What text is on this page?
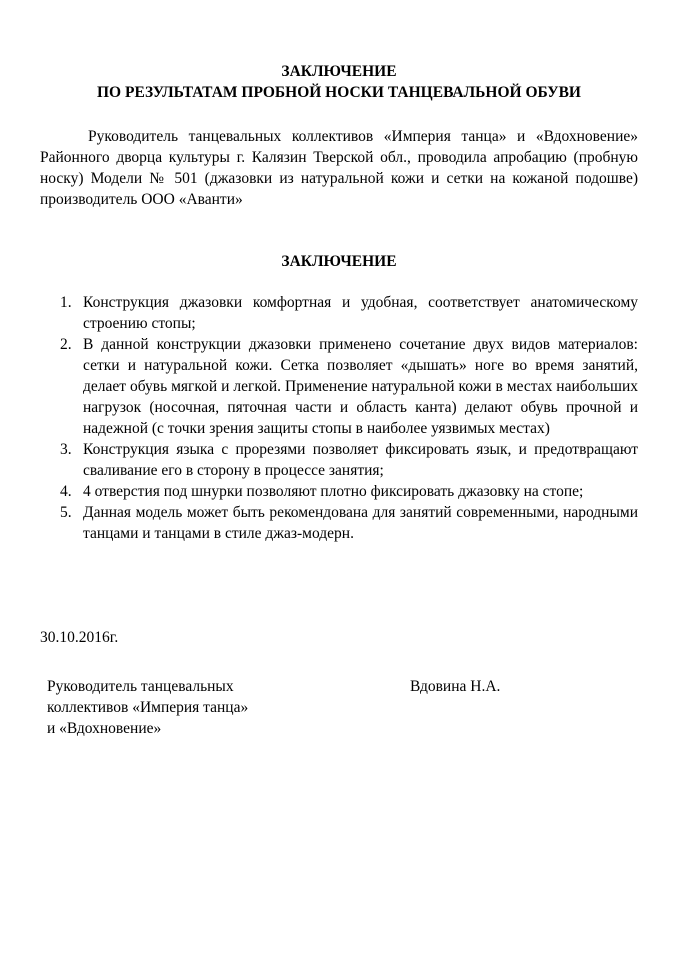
ЗАКЛЮЧЕНИЕ
ПО РЕЗУЛЬТАТАМ ПРОБНОЙ НОСКИ ТАНЦЕВАЛЬНОЙ ОБУВИ

Руководитель танцевальных коллективов «Империя танца» и «Вдохновение» Районного дворца культуры г. Калязин Тверской обл., проводила апробацию (пробную носку) Модели № 501 (джазовки из натуральной кожи и сетки на кожаной подошве) производитель ООО «Аванти»

ЗАКЛЮЧЕНИЕ
1. Конструкция джазовки комфортная и удобная, соответствует анатомическому строению стопы;
2. В данной конструкции джазовки применено сочетание двух видов материалов: сетки и натуральной кожи. Сетка позволяет «дышать» ноге во время занятий, делает обувь мягкой и легкой. Применение натуральной кожи в местах наибольших нагрузок (носочная, пяточная части и область канта) делают обувь прочной и надежной (с точки зрения защиты стопы в наиболее уязвимых местах)
3. Конструкция языка с прорезями позволяет фиксировать язык, и предотвращают сваливание его в сторону в процессе занятия;
4. 4 отверстия под шнурки позволяют плотно фиксировать джазовку на стопе;
5. Данная модель может быть рекомендована для занятий современными, народными танцами и танцами в стиле джаз-модерн.
30.10.2016г.
Руководитель танцевальных
коллективов «Империя танца»
и «Вдохновение»
Вдовина Н.А.
